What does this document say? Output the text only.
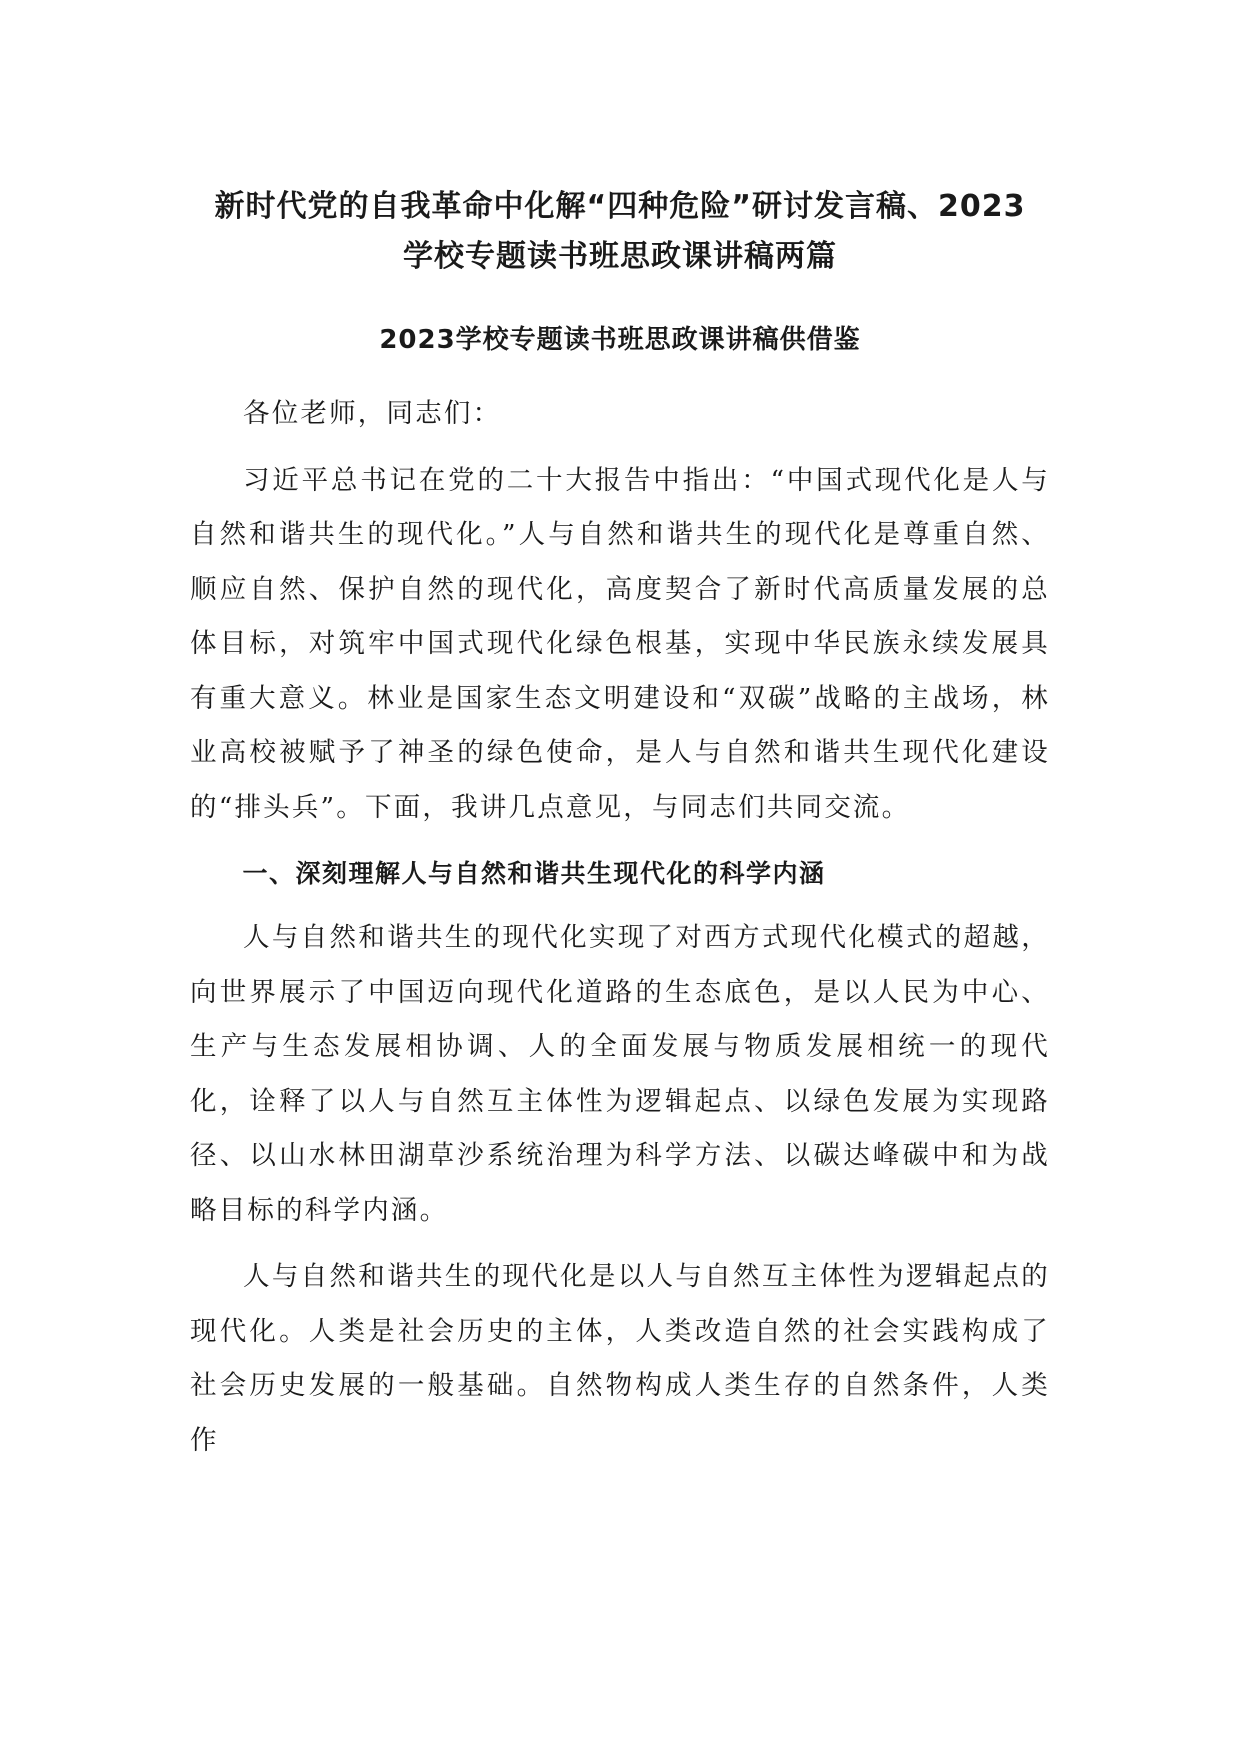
新时代党的自我革命中化解“四种危险”研讨发言稿、2023
学校专题读书班思政课讲稿两篇
2023学校专题读书班思政课讲稿供借鉴

各位老师，同志们：

习近平总书记在党的二十大报告中指出：“中国式现代化是人与自然和谐共生的现代化。”人与自然和谐共生的现代化是尊重自然、顺应自然、保护自然的现代化，高度契合了新时代高质量发展的总体目标，对筑牢中国式现代化绿色根基，实现中华民族永续发展具有重大意义。林业是国家生态文明建设和“双碳”战略的主战场，林业高校被赋予了神圣的绿色使命，是人与自然和谐共生现代化建设的“排头兵”。下面，我讲几点意见，与同志们共同交流。

一、深刻理解人与自然和谐共生现代化的科学内涵

人与自然和谐共生的现代化实现了对西方式现代化模式的超越，向世界展示了中国迈向现代化道路的生态底色，是以人民为中心、生产与生态发展相协调、人的全面发展与物质发展相统一的现代化，诠释了以人与自然互主体性为逻辑起点、以绿色发展为实现路径、以山水林田湖草沙系统治理为科学方法、以碳达峰碳中和为战略目标的科学内涵。

人与自然和谐共生的现代化是以人与自然互主体性为逻辑起点的现代化。人类是社会历史的主体，人类改造自然的社会实践构成了社会历史发展的一般基础。自然物构成人类生存的自然条件，人类作
